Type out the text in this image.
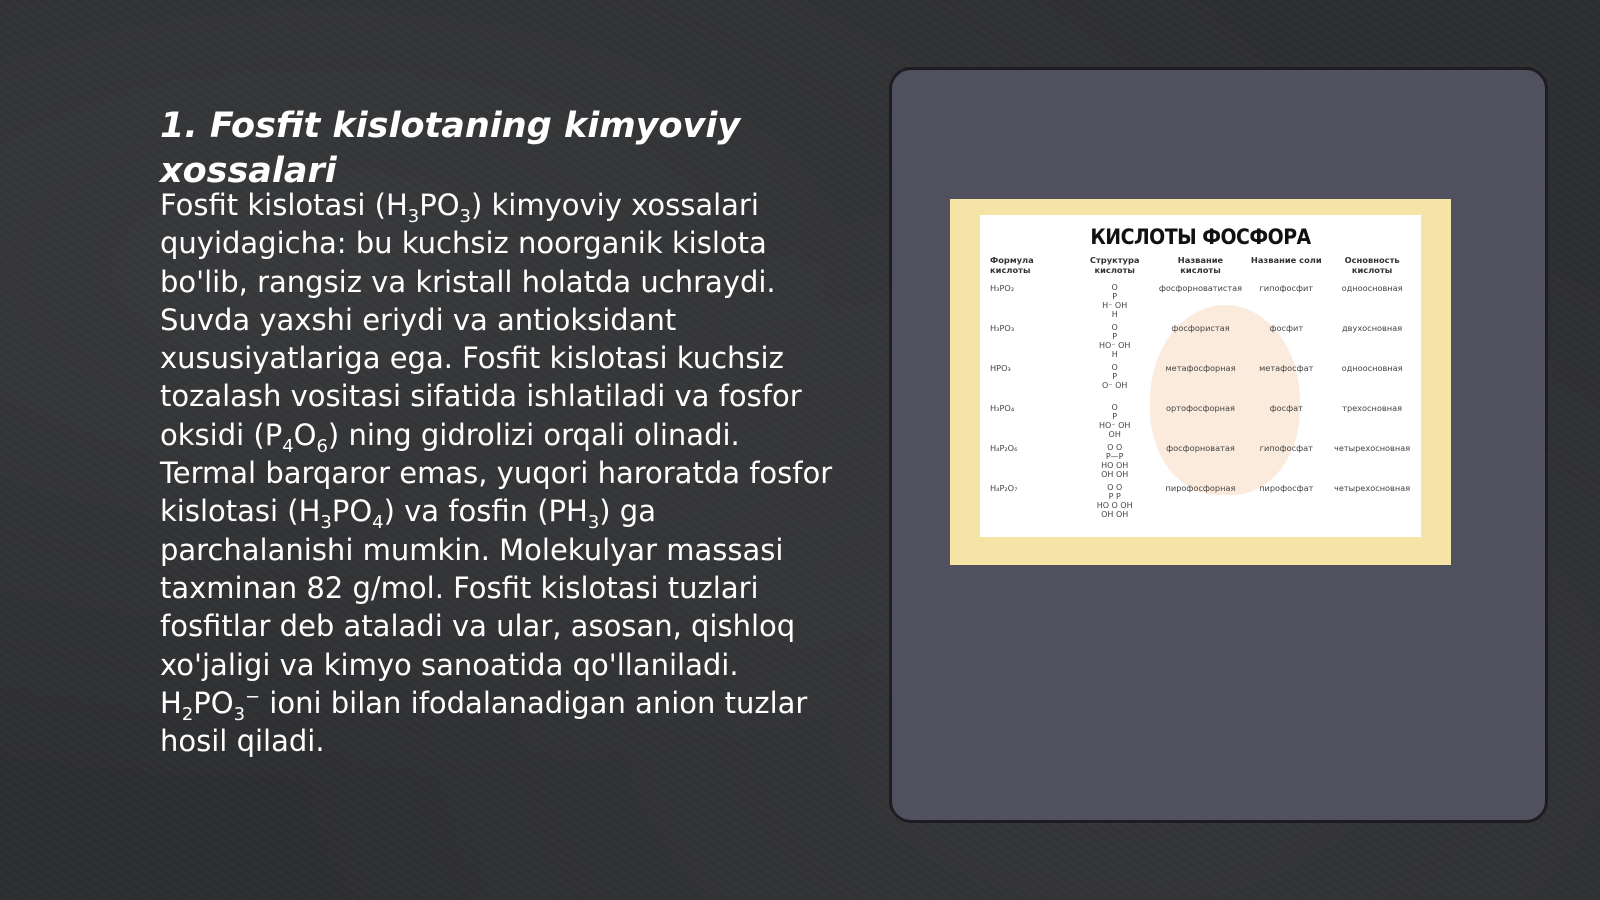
1. Fosfit kislotaning kimyoviy xossalari

Fosfit kislotasi $(H_3PO_3)$ kimyoviy xossalari quyidagicha: bu kuchsiz noorganik kislota bo'lib, rangsiz va kristall holatda uchraydi. Suvda yaxshi eriydi va antioksidant xususiyatlariga ega. Fosfit kislotasi kuchsiz tozalash vositasi sifatida ishlatiladi va fosfor oksidi $(P_4O_6)$ ning gidrolizi orqali olinadi. Termal barqaror emas, yuqori haroratda fosfor kislotasi $(H_3PO_4)$ va fosfin $(PH_3)$ ga parchalanishi mumkin. Molekulyar massasi taxminan 82 g/mol. Fosfit kislotasi tuzlari fosfitlar deb ataladi va ular, asosan, qishloq xo'jaligi va kimyo sanoatida qo'llaniladi. $H_2PO_3^-$ ioni bilan ifodalanadigan anion tuzlar hosil qiladi.

КИСЛОТЫ ФОСФОРА
Формула кислоты	Структура кислоты	Название кислоты	Название соли	Основность кислоты
H₃PO₂	O
P
H⁻ OH
H	фосфорноватистая	гипофосфит	одноосновная
H₃PO₃	O
P
HO⁻ OH
H	фосфористая	фосфит	двухосновная
HPO₃	O
P
O⁻ OH	метафосфорная	метафосфат	одноосновная
H₃PO₄	O
P
HO⁻ OH
OH	ортофосфорная	фосфат	трехосновная
H₄P₂O₆	O O
P—P
HO OH
OH OH	фосфорноватая	гипофосфат	четырехосновная
H₄P₂O₇	O O
P P
HO O OH
OH OH	пирофосфорная	пирофосфат	четырехосновная
